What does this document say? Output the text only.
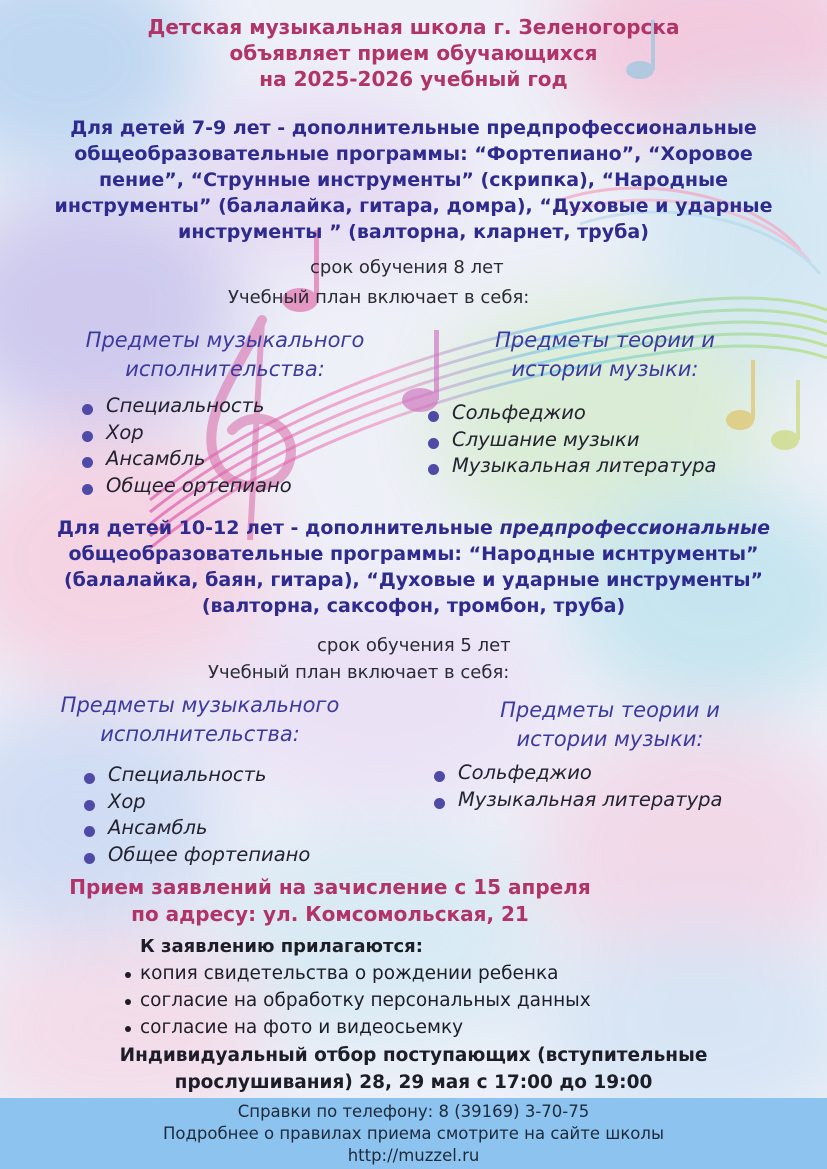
Детская музыкальная школа г. Зеленогорска
объявляет прием обучающихся
на 2025-2026 учебный год
Для детей 7-9 лет - дополнительные предпрофессиональные
общеобразовательные программы: “Фортепиано”, “Хоровое
пение”, “Струнные инструменты” (скрипка), “Народные
инструменты” (балалайка, гитара, домра), “Духовые и ударные
инструменты ” (валторна, кларнет, труба)
срок обучения 8 лет
Учебный план включает в себя:
Предметы музыкального
исполнительства:
Предметы теории и
истории музыки:
Специальность
Хор
Ансамбль
Общее ортепиано
Сольфеджио
Слушание музыки
Музыкальная литература
Для детей 10-12 лет - дополнительные предпрофессиональные
общеобразовательные программы: “Народные иснтрументы”
(балалайка, баян, гитара), “Духовые и ударные инструменты”
(валторна, саксофон, тромбон, труба)
срок обучения 5 лет
Учебный план включает в себя:
Предметы музыкального
исполнительства:
Предметы теории и
истории музыки:
Специальность
Хор
Ансамбль
Общее фортепиано
Сольфеджио
Музыкальная литература
Прием заявлений на зачисление с 15 апреля
по адресу: ул. Комсомольская, 21
К заявлению прилагаются:
копия свидетельства о рождении ребенка
согласие на обработку персональных данных
согласие на фото и видеосьемку
Индивидуальный отбор поступающих (вступительные
прослушивания) 28, 29 мая с 17:00 до 19:00
Справки по телефону: 8 (39169) 3-70-75
Подробнее о правилах приема смотрите на сайте школы
http://muzzel.ru
